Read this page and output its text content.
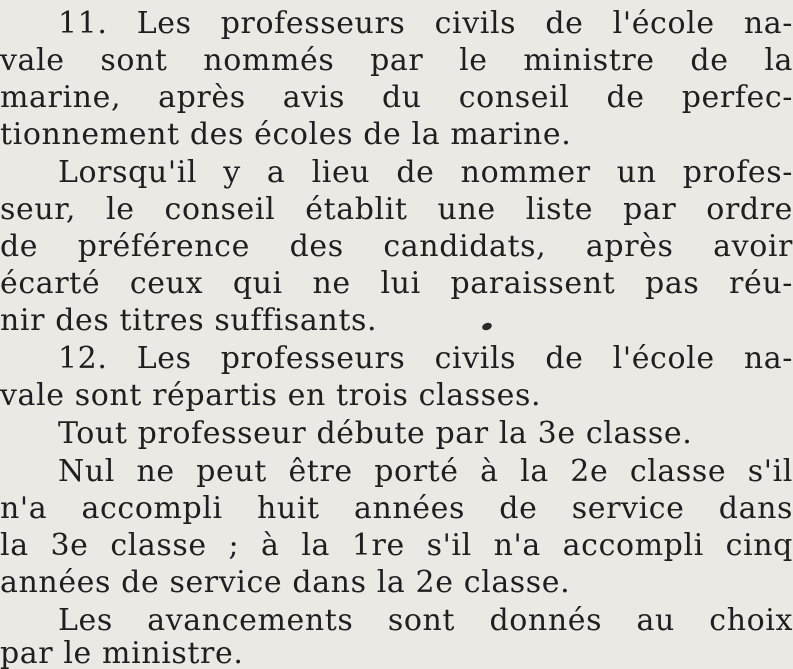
11. Les professeurs civils de l'école na-
vale sont nommés par le ministre de la
marine, après avis du conseil de perfec-
tionnement des écoles de la marine.
Lorsqu'il y a lieu de nommer un profes-
seur, le conseil établit une liste par ordre
de préférence des candidats, après avoir
écarté ceux qui ne lui paraissent pas réu-
nir des titres suffisants.
12. Les professeurs civils de l'école na-
vale sont répartis en trois classes.
Tout professeur débute par la 3e classe.
Nul ne peut être porté à la 2e classe s'il
n'a accompli huit années de service dans
la 3e classe ; à la 1re s'il n'a accompli cinq
années de service dans la 2e classe.
Les avancements sont donnés au choix
par le ministre.
